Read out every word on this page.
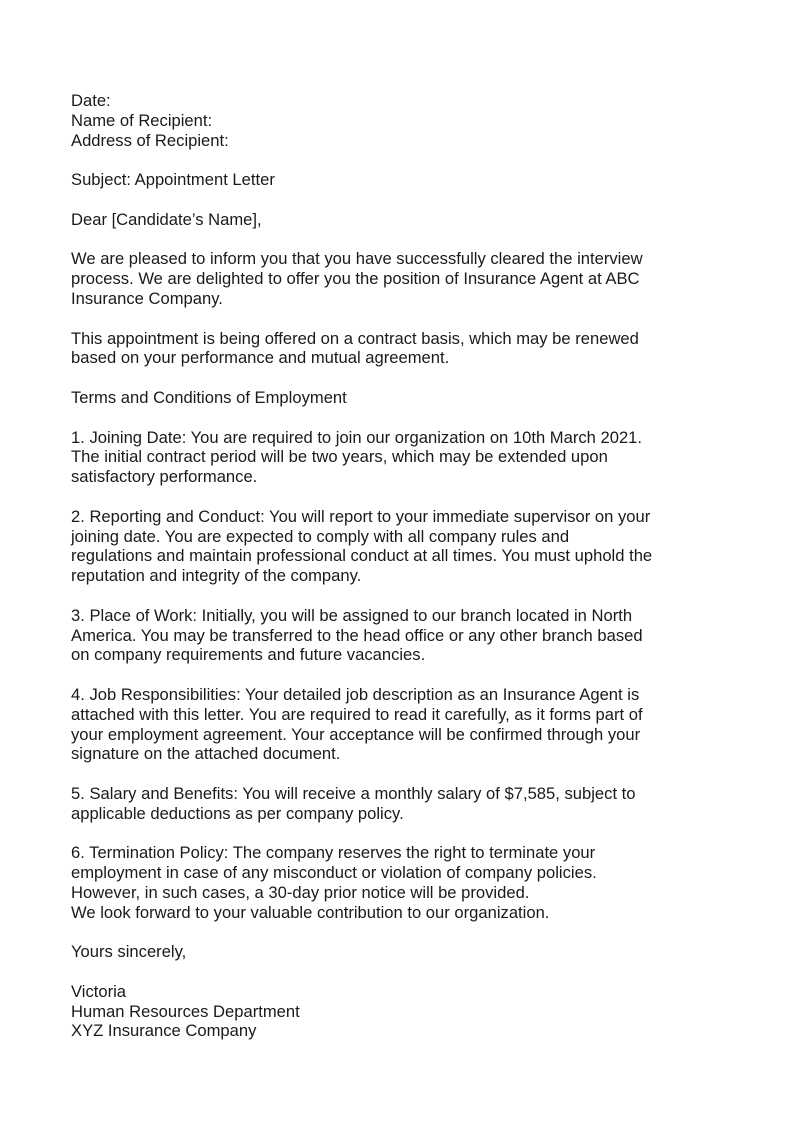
Date:
Name of Recipient:
Address of Recipient:
Subject: Appointment Letter
Dear [Candidate’s Name],
We are pleased to inform you that you have successfully cleared the interview
process. We are delighted to offer you the position of Insurance Agent at ABC
Insurance Company.
This appointment is being offered on a contract basis, which may be renewed
based on your performance and mutual agreement.
Terms and Conditions of Employment
1. Joining Date: You are required to join our organization on 10th March 2021.
The initial contract period will be two years, which may be extended upon
satisfactory performance.
2. Reporting and Conduct: You will report to your immediate supervisor on your
joining date. You are expected to comply with all company rules and
regulations and maintain professional conduct at all times. You must uphold the
reputation and integrity of the company.
3. Place of Work: Initially, you will be assigned to our branch located in North
America. You may be transferred to the head office or any other branch based
on company requirements and future vacancies.
4. Job Responsibilities: Your detailed job description as an Insurance Agent is
attached with this letter. You are required to read it carefully, as it forms part of
your employment agreement. Your acceptance will be confirmed through your
signature on the attached document.
5. Salary and Benefits: You will receive a monthly salary of $7,585, subject to
applicable deductions as per company policy.
6. Termination Policy: The company reserves the right to terminate your
employment in case of any misconduct or violation of company policies.
However, in such cases, a 30-day prior notice will be provided.
We look forward to your valuable contribution to our organization.
Yours sincerely,
Victoria
Human Resources Department
XYZ Insurance Company
